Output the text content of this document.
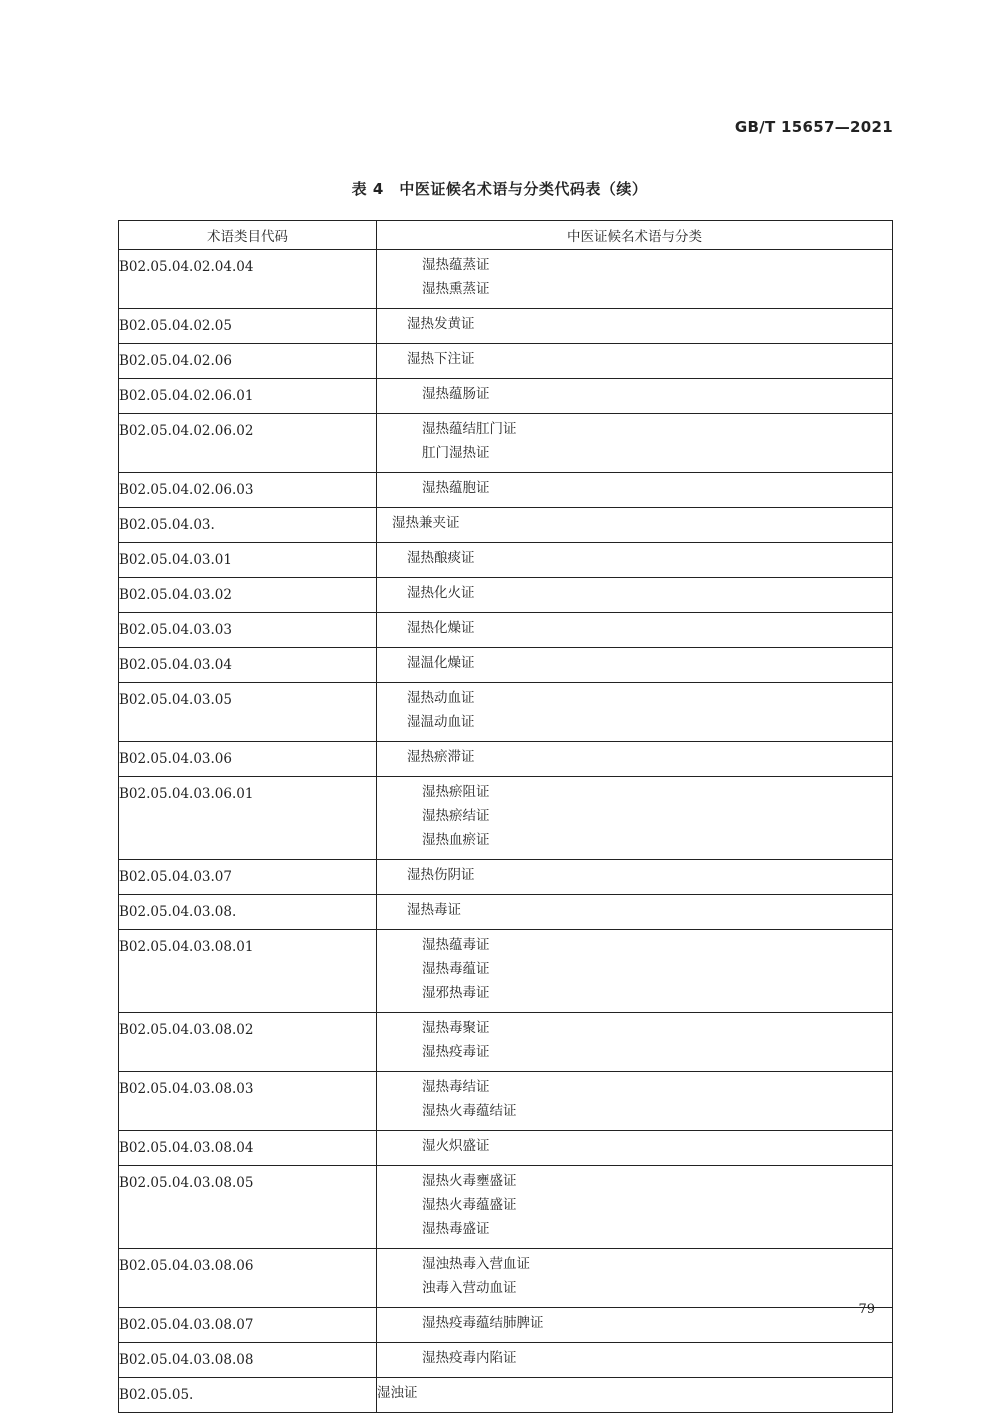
GB/T 15657—2021
表 4　中医证候名术语与分类代码表（续）
术语类目代码	中医证候名术语与分类
B02.05.04.02.04.04	湿热蕴蒸证
湿热熏蒸证

B02.05.04.02.05	湿热发黄证

B02.05.04.02.06	湿热下注证

B02.05.04.02.06.01	湿热蕴肠证

B02.05.04.02.06.02	湿热蕴结肛门证
肛门湿热证

B02.05.04.02.06.03	湿热蕴胞证

B02.05.04.03.	湿热兼夹证

B02.05.04.03.01	湿热酿痰证

B02.05.04.03.02	湿热化火证

B02.05.04.03.03	湿热化燥证

B02.05.04.03.04	湿温化燥证

B02.05.04.03.05	湿热动血证
湿温动血证

B02.05.04.03.06	湿热瘀滞证

B02.05.04.03.06.01	湿热瘀阻证
湿热瘀结证
湿热血瘀证

B02.05.04.03.07	湿热伤阴证

B02.05.04.03.08.	湿热毒证

B02.05.04.03.08.01	湿热蕴毒证
湿热毒蕴证
湿邪热毒证

B02.05.04.03.08.02	湿热毒聚证
湿热疫毒证

B02.05.04.03.08.03	湿热毒结证
湿热火毒蕴结证

B02.05.04.03.08.04	湿火炽盛证

B02.05.04.03.08.05	湿热火毒壅盛证
湿热火毒蕴盛证
湿热毒盛证

B02.05.04.03.08.06	湿浊热毒入营血证
浊毒入营动血证

B02.05.04.03.08.07	湿热疫毒蕴结肺脾证

B02.05.04.03.08.08	湿热疫毒内陷证

B02.05.05.	湿浊证
79
